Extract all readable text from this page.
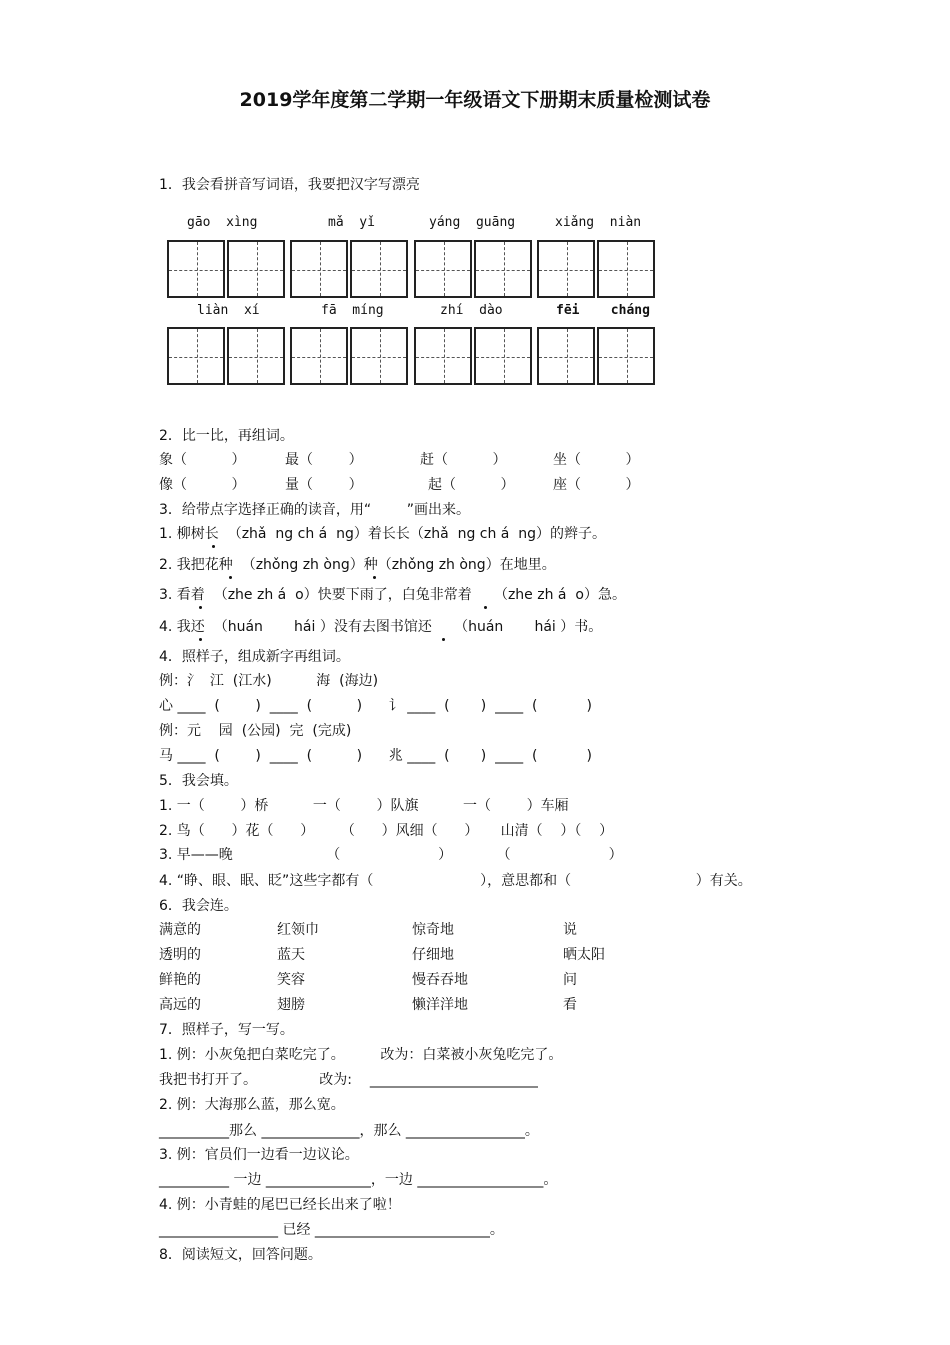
2019学年度第二学期一年级语文下册期末质量检测试卷
1．我会看拼音写词语，我要把汉字写漂亮
gāo  xìng	mǎ  yǐ	yáng  guāng	xiǎng  niàn
liàn  xí	fā  míng	zhí  dào	fēi    cháng
2．比一比，再组词。
象（          ）	最（        ）	赶（          ）	坐（          ）
像（          ）	量（        ）	起（          ）	座（          ）
3．给带点字选择正确的读音，用“        ”画出来。
1. 柳树长  （zhǎ  ng ch á  ng）着长长（zhǎ  ng ch á  ng）的辫子。
2. 我把花种  （zhǒng zh òng）种（zhǒng zh òng）在地里。
3. 看着  （zhe zh á  o）快要下雨了，白兔非常着     （zhe zh á  o）急。
4. 我还  （huán       hái ）没有去图书馆还     （huán       hái ）书。
4．照样子，组成新字再组词。
例：氵  江  (江水)          海  (海边)
心 ____  (        )  ____  (          )      讠 ____  (       )  ____  (           )
例：元    园  (公园)  完  (完成)
马 ____  (        )  ____  (          )      兆 ____  (       )  ____  (           )
5．我会填。
1. 一（        ）桥          一（        ）队旗          一（        ）车厢
2. 鸟（      ）花（      ）      （      ）风细（      ）     山清（    ）（    ）
3. 早——晚                     （                      ）          （                      ）
4. “睁、眼、眠、眨”这些字都有（                        ），意思都和（                            ）有关。
6．我会连。
满意的	红领巾	惊奇地	说
透明的	蓝天	仔细地	晒太阳
鲜艳的	笑容	慢吞吞地	问
高远的	翅膀	懒洋洋地	看
7．照样子，写一写。
1. 例：小灰兔把白菜吃完了。        改为：白菜被小灰兔吃完了。
我把书打开了。              改为:    ________________________
2. 例：大海那么蓝，那么宽。
__________那么 ______________，那么 _________________。
3. 例：官员们一边看一边议论。
__________ 一边 _______________，一边 __________________。
4. 例：小青蛙的尾巴已经长出来了啦！
_________________ 已经 _________________________。
8．阅读短文，回答问题。
